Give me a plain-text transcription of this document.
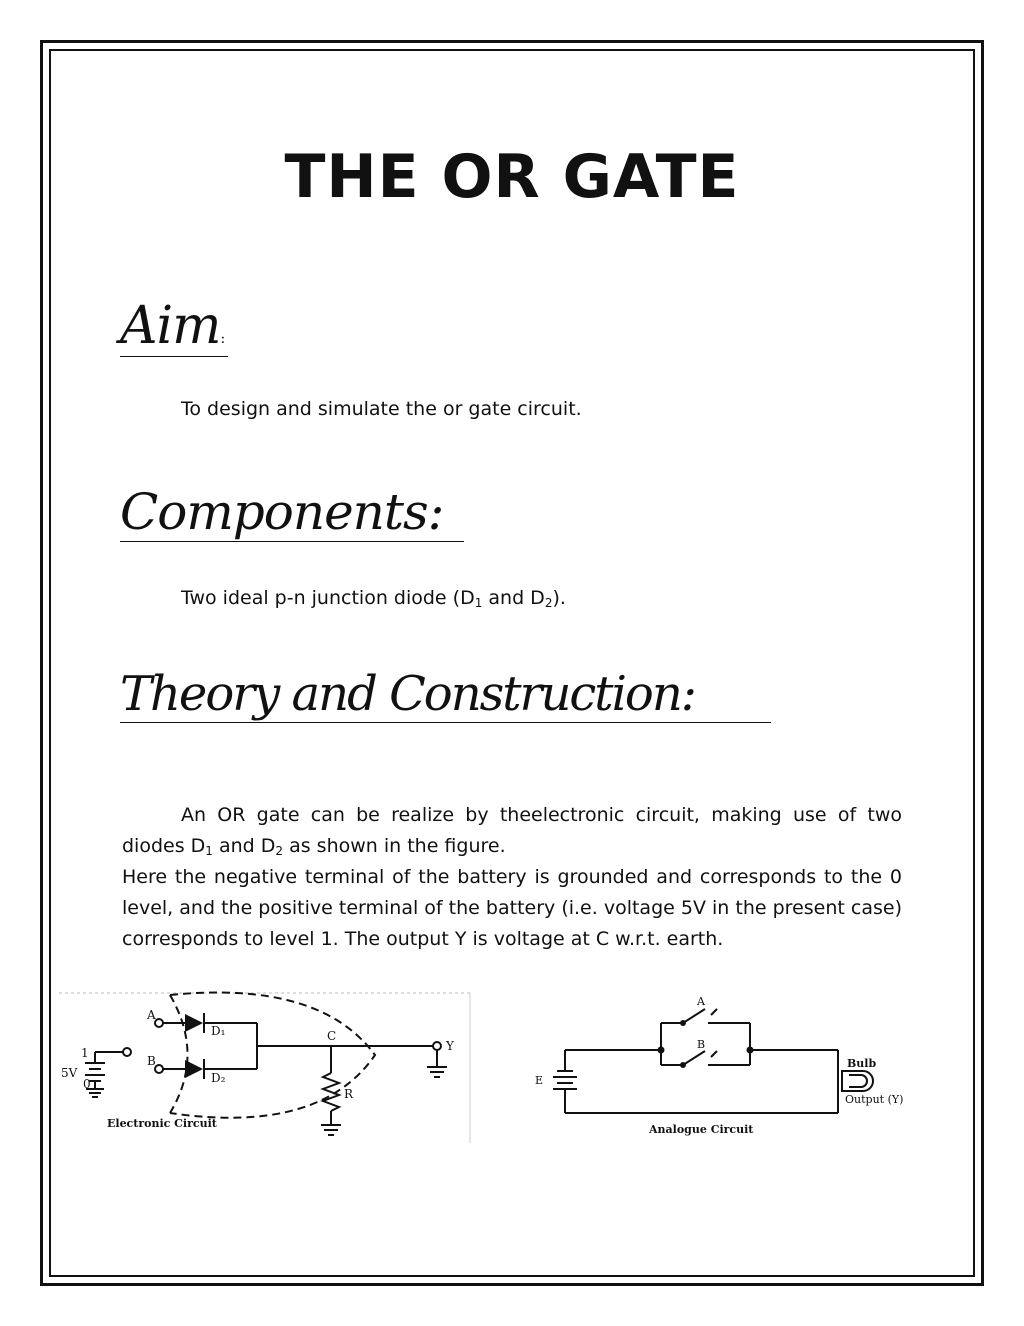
THE OR GATE
Aim:

To design and simulate the or gate circuit.

Components:

Two ideal p-n junction diode ($D_1$ and $D_2$).

Theory and Construction:

An OR gate can be realize by theelectronic circuit, making use of two diodes $D_1$ and $D_2$ as shown in the figure.

Here the negative terminal of the battery is grounded and corresponds to the 0 level, and the positive terminal of the battery (i.e. voltage 5V in the present case) corresponds to level 1. The output Y is voltage at C w.r.t. earth.

A
B
D₁
D₂
C
Y
R
5V
1
0
Electronic Circuit
A
B
E
Bulb
Output (Y)
Analogue Circuit
